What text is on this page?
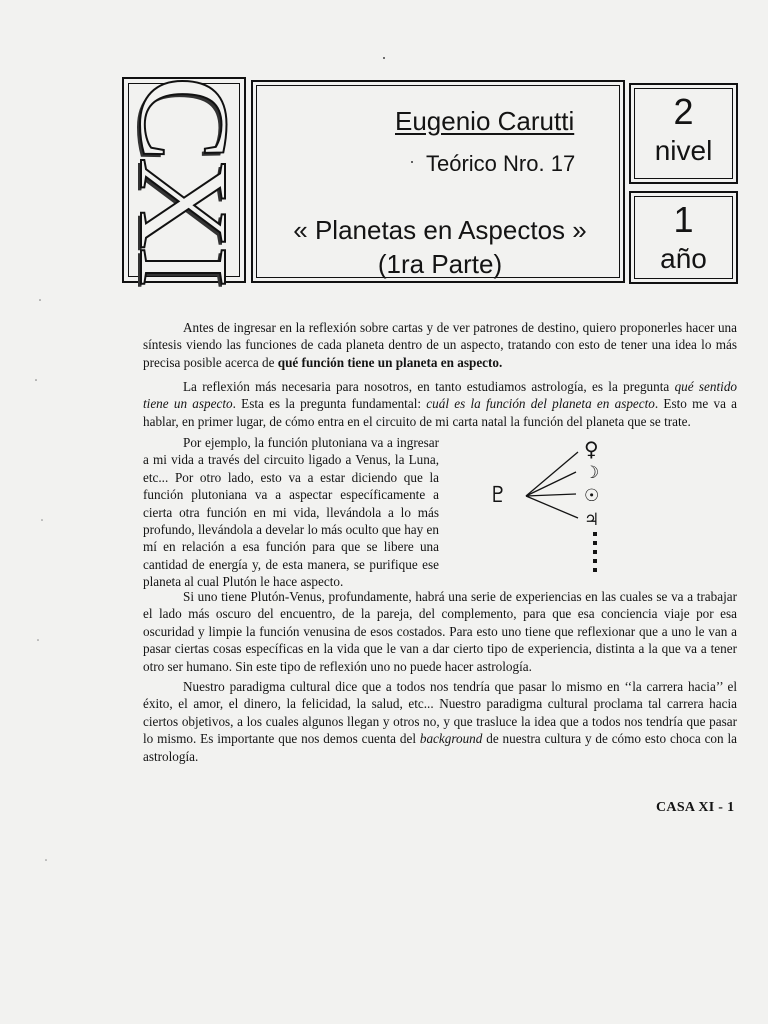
CXI	Eugenio Carutti
Teórico Nro. 17
« Planetas en Aspectos »
(1ra Parte)
2
nivel
1
año
Antes de ingresar en la reflexión sobre cartas y de ver patrones de destino, quiero proponerles hacer una síntesis viendo las funciones de cada planeta dentro de un aspecto, tratando con esto de tener una idea lo más precisa posible acerca de qué función tiene un planeta en aspecto.
La reflexión más necesaria para nosotros, en tanto estudiamos astrología, es la pregunta qué sentido tiene un aspecto. Esta es la pregunta fundamental: cuál es la función del planeta en aspecto. Esto me va a hablar, en primer lugar, de cómo entra en el circuito de mi carta natal la función del planeta que se trate.
Por ejemplo, la función plutoniana va a ingresar a mi vida a través del circuito ligado a Venus, la Luna, etc... Por otro lado, esto va a estar diciendo que la función plutoniana va a aspectar específicamente a cierta otra función en mi vida, llevándola a lo más profundo, llevándola a develar lo más oculto que hay en mí en relación a esa función para que se libere una cantidad de energía y, de esta manera, se purifique ese planeta al cual Plutón le hace aspecto.
♇
♀
☽
☉
♃
Si uno tiene Plutón-Venus, profundamente, habrá una serie de experiencias en las cuales se va a trabajar el lado más oscuro del encuentro, de la pareja, del complemento, para que esa conciencia viaje por esa oscuridad y limpie la función venusina de esos costados. Para esto uno tiene que reflexionar que a uno le van a pasar ciertas cosas específicas en la vida que le van a dar cierto tipo de experiencia, distinta a la que va a tener otro ser humano. Sin este tipo de reflexión uno no puede hacer astrología.
Nuestro paradigma cultural dice que a todos nos tendría que pasar lo mismo en ‘‘la carrera hacia’’ el éxito, el amor, el dinero, la felicidad, la salud, etc... Nuestro paradigma cultural proclama tal carrera hacia ciertos objetivos, a los cuales algunos llegan y otros no, y que trasluce la idea que a todos nos tendría que pasar lo mismo. Es importante que nos demos cuenta del background de nuestra cultura y de cómo esto choca con la astrología.
CASA XI - 1
